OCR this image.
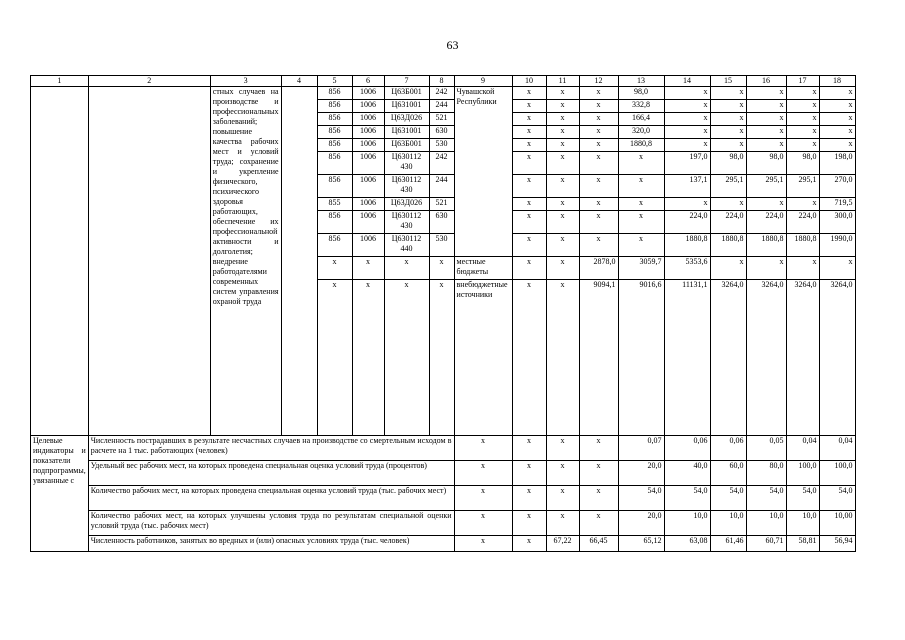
63
1	2	3	4	5	6	7	8	9	10	11	12	13	14	15	16	17	18
		стных случаев на производстве и профессиональных заболеваний; повышение качества рабочих мест и условий труда; сохранение и укрепление физического, психического здоровья работающих, обеспечение их профессиональной активности и долголетия; внедрение работодателями современных систем управления охраной труда		856	1006	Ц63Б001	242	Чувашской Республики	х	х	х	98,0	х	х	х	х	х
				856	1006	Ц631001	244		х	х	х	332,8	х	х	х	х	х
				856	1006	Ц63Д026	521		х	х	х	166,4	х	х	х	х	х
				856	1006	Ц631001	630		х	х	х	320,0	х	х	х	х	х
				856	1006	Ц63Б001	530		х	х	х	1880,8	х	х	х	х	х
				856	1006	Ц630112 430	242		х	х	х	х	197,0	98,0	98,0	98,0	198,0
				856	1006	Ц630112 430	244		х	х	х	х	137,1	295,1	295,1	295,1	270,0
				855	1006	Ц63Д026	521		х	х	х	х	х	х	х	х	719,5
				856	1006	Ц630112 430	630		х	х	х	х	224,0	224,0	224,0	224,0	300,0
				856	1006	Ц630112 440	530		х	х	х	х	1880,8	1880,8	1880,8	1880,8	1990,0
				х	х	х	х	местные бюджеты	х	х	2878,0	3059,7	5353,6	х	х	х	х
				х	х	х	х	внебюджетные источники	х	х	9094,1	9016,6	11131,1	3264,0	3264,0	3264,0	3264,0
Целевые индикаторы и показатели подпрограммы, увязанные с	Численность пострадавших в результате несчастных случаев на производстве со смертельным исходом в расчете на 1 тыс. работающих (человек)							х	х	х	х	0,07	0,06	0,06	0,05	0,04	0,04
	Удельный вес рабочих мест, на которых проведена специальная оценка условий труда (процентов)							х	х	х	х	20,0	40,0	60,0	80,0	100,0	100,0
	Количество рабочих мест, на которых проведена специальная оценка условий труда (тыс. рабочих мест)							х	х	х	х	54,0	54,0	54,0	54,0	54,0	54,0
	Количество рабочих мест, на которых улучшены условия труда по результатам специальной оценки условий труда (тыс. рабочих мест)							х	х	х	х	20,0	10,0	10,0	10,0	10,0	10,00
	Численность работников, занятых во вредных и (или) опасных условиях труда (тыс. человек)							х	х	67,22	66,45	65,12	63,08	61,46	60,71	58,81	56,94
